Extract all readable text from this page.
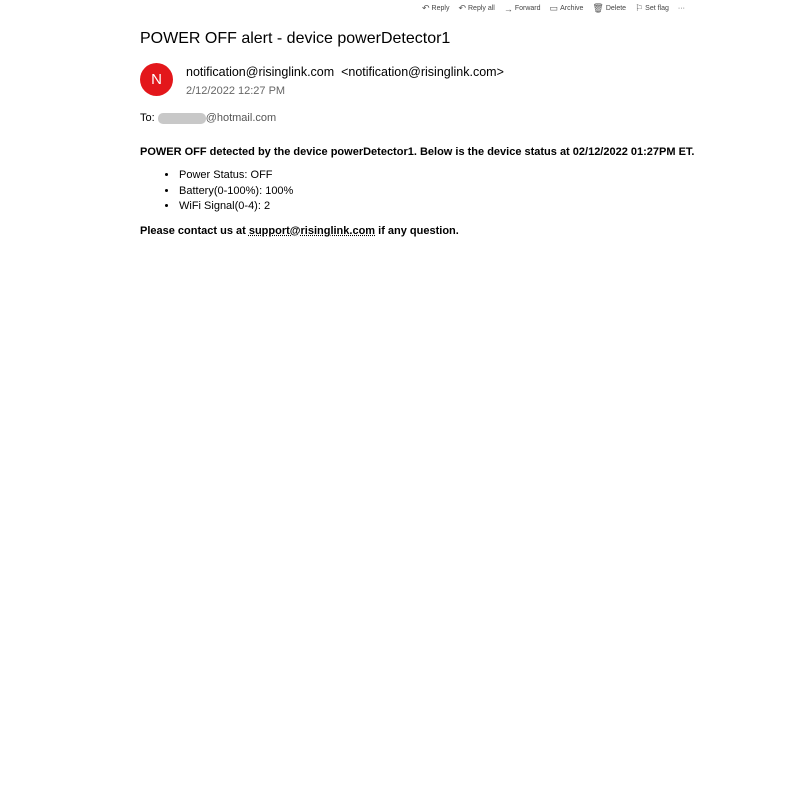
↶ Reply ↶ Reply all → Forward ▭ Archive 🗑︎ Delete ⚐ Set flag ···
POWER OFF alert - device powerDetector1
N notification@risinglink.com  <notification@risinglink.com>
2/12/2022 12:27 PM
To:	@hotmail.com

POWER OFF detected by the device powerDetector1. Below is the device status at 02/12/2022 01:27PM ET.

• Power Status: OFF
• Battery(0-100%): 100%
• WiFi Signal(0-4): 2

Please contact us at support@risinglink.com if any question.
